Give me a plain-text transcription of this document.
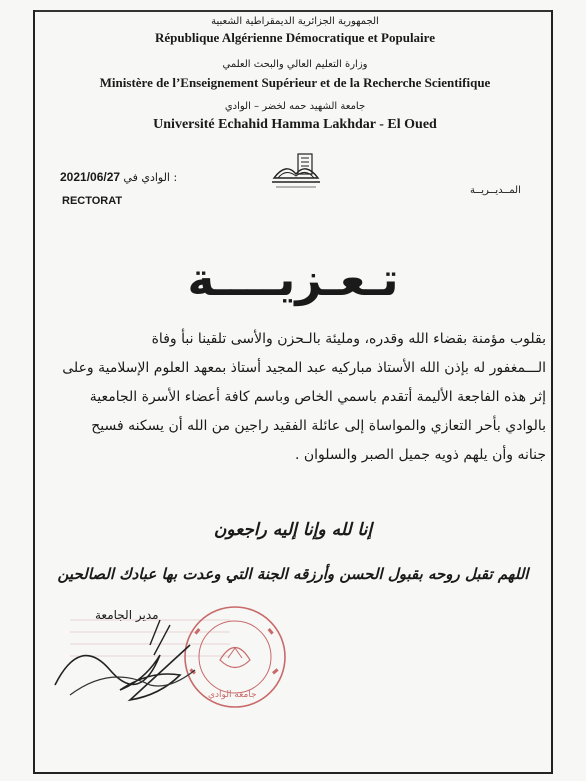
الجمهورية الجزائرية الديمقراطية الشعبية
République Algérienne Démocratique et Populaire
وزارة التعليم العالي والبحث العلمي
Ministère de l’Enseignement Supérieur et de la Recherche Scientifique
جامعة الشهيد حمه لخضر – الوادي
Université Echahid Hamma Lakhdar - El Oued
2021/06/27 الوادي في :
RECTORAT
المــديــريــة
تـعـزيــــة

بقلوب مؤمنة بقضاء الله وقدره، ومليئة بالـحزن والأسى تلقينا نبأ وفاة

الـــمغفور له بإذن الله الأستاذ مباركيه عبد المجيد أستاذ بمعهد العلوم الإسلامية وعلى

إثر هذه الفاجعة الأليمة أتقدم باسمي الخاص وباسم كافة أعضاء الأسرة الجامعية

بالوادي بأحر التعازي والمواساة إلى عائلة الفقيد راجين من الله أن يسكنه فسيح

جنانه وأن يلهم ذويه جميل الصبر والسلوان .

إنا لله وإنا إليه راجعون
اللهم تقبل روحه بقبول الحسن وأرزقه الجنة التي وعدت بها عبادك الصالحين
مدير الجامعة
جامعة الوادي
